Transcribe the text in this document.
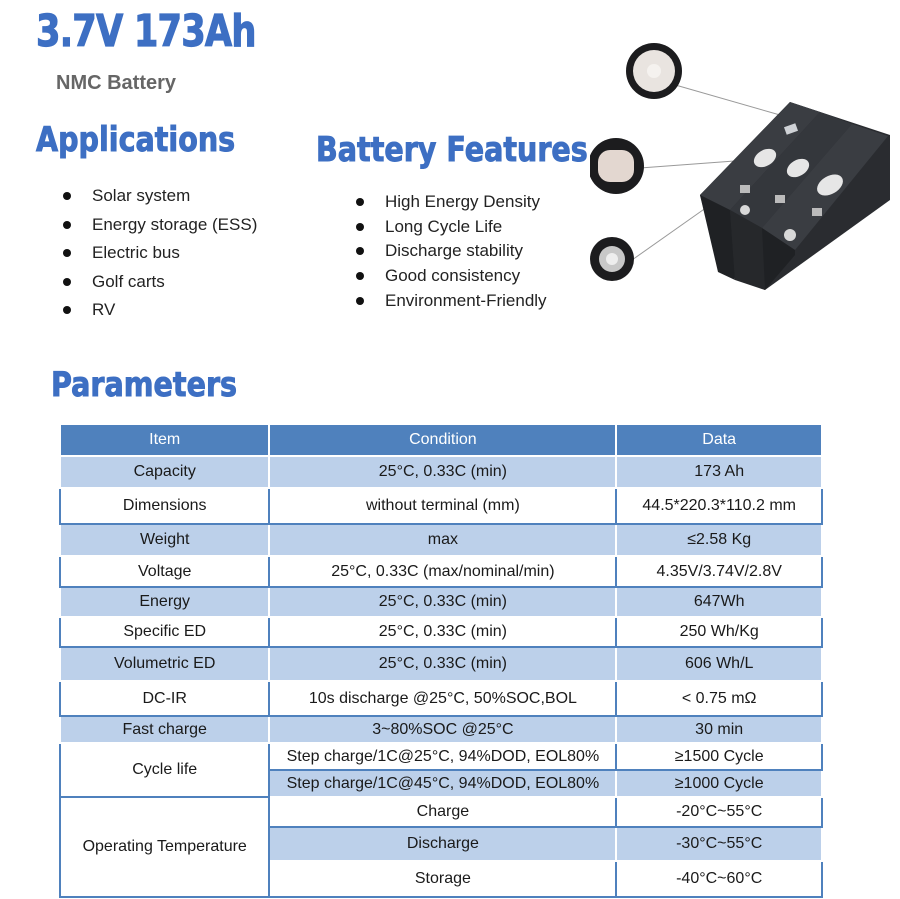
3.7V 173Ah
NMC Battery
Applications
Solar system
Energy storage (ESS)
Electric bus
Golf carts
RV
Battery Features
High Energy Density
Long Cycle Life
Discharge stability
Good consistency
Environment-Friendly
Parameters
Item	Condition	Data
Capacity	25°C, 0.33C (min)	173 Ah
Dimensions	without terminal (mm)	44.5*220.3*110.2 mm
Weight	max	≤2.58 Kg
Voltage	25°C, 0.33C (max/nominal/min)	4.35V/3.74V/2.8V
Energy	25°C, 0.33C (min)	647Wh
Specific ED	25°C, 0.33C (min)	250 Wh/Kg
Volumetric ED	25°C, 0.33C (min)	606 Wh/L
DC-IR	10s discharge @25°C, 50%SOC,BOL	< 0.75 mΩ
Fast charge	3~80%SOC @25°C	30 min
Cycle life	Step charge/1C@25°C, 94%DOD, EOL80%	≥1500 Cycle
	Step charge/1C@45°C, 94%DOD, EOL80%	≥1000 Cycle
Operating Temperature	Charge	-20°C~55°C
	Discharge	-30°C~55°C
	Storage	-40°C~60°C
